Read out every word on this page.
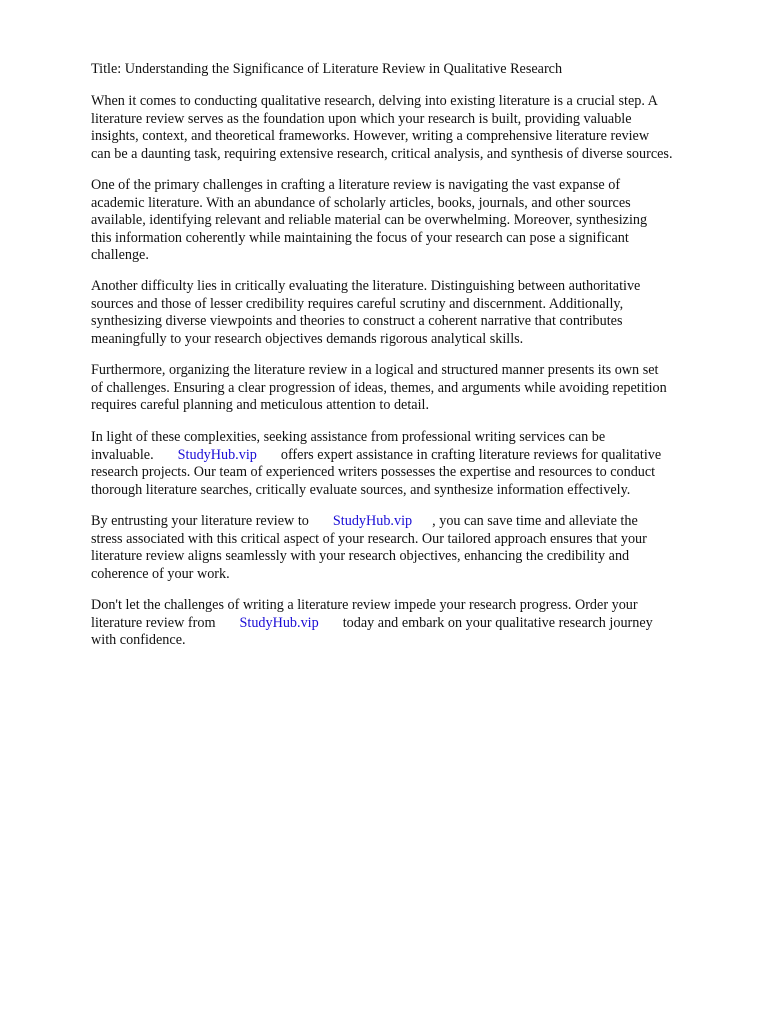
Title: Understanding the Significance of Literature Review in Qualitative Research
When it comes to conducting qualitative research, delving into existing literature is a crucial step. A
literature review serves as the foundation upon which your research is built, providing valuable
insights, context, and theoretical frameworks. However, writing a comprehensive literature review
can be a daunting task, requiring extensive research, critical analysis, and synthesis of diverse sources.
One of the primary challenges in crafting a literature review is navigating the vast expanse of
academic literature. With an abundance of scholarly articles, books, journals, and other sources
available, identifying relevant and reliable material can be overwhelming. Moreover, synthesizing
this information coherently while maintaining the focus of your research can pose a significant
challenge.
Another difficulty lies in critically evaluating the literature. Distinguishing between authoritative
sources and those of lesser credibility requires careful scrutiny and discernment. Additionally,
synthesizing diverse viewpoints and theories to construct a coherent narrative that contributes
meaningfully to your research objectives demands rigorous analytical skills.
Furthermore, organizing the literature review in a logical and structured manner presents its own set
of challenges. Ensuring a clear progression of ideas, themes, and arguments while avoiding repetition
requires careful planning and meticulous attention to detail.
In light of these complexities, seeking assistance from professional writing services can be
invaluable. StudyHub.vip offers expert assistance in crafting literature reviews for qualitative
research projects. Our team of experienced writers possesses the expertise and resources to conduct
thorough literature searches, critically evaluate sources, and synthesize information effectively.
By entrusting your literature review to StudyHub.vip , you can save time and alleviate the
stress associated with this critical aspect of your research. Our tailored approach ensures that your
literature review aligns seamlessly with your research objectives, enhancing the credibility and
coherence of your work.
Don't let the challenges of writing a literature review impede your research progress. Order your
literature review from StudyHub.vip today and embark on your qualitative research journey
with confidence.
